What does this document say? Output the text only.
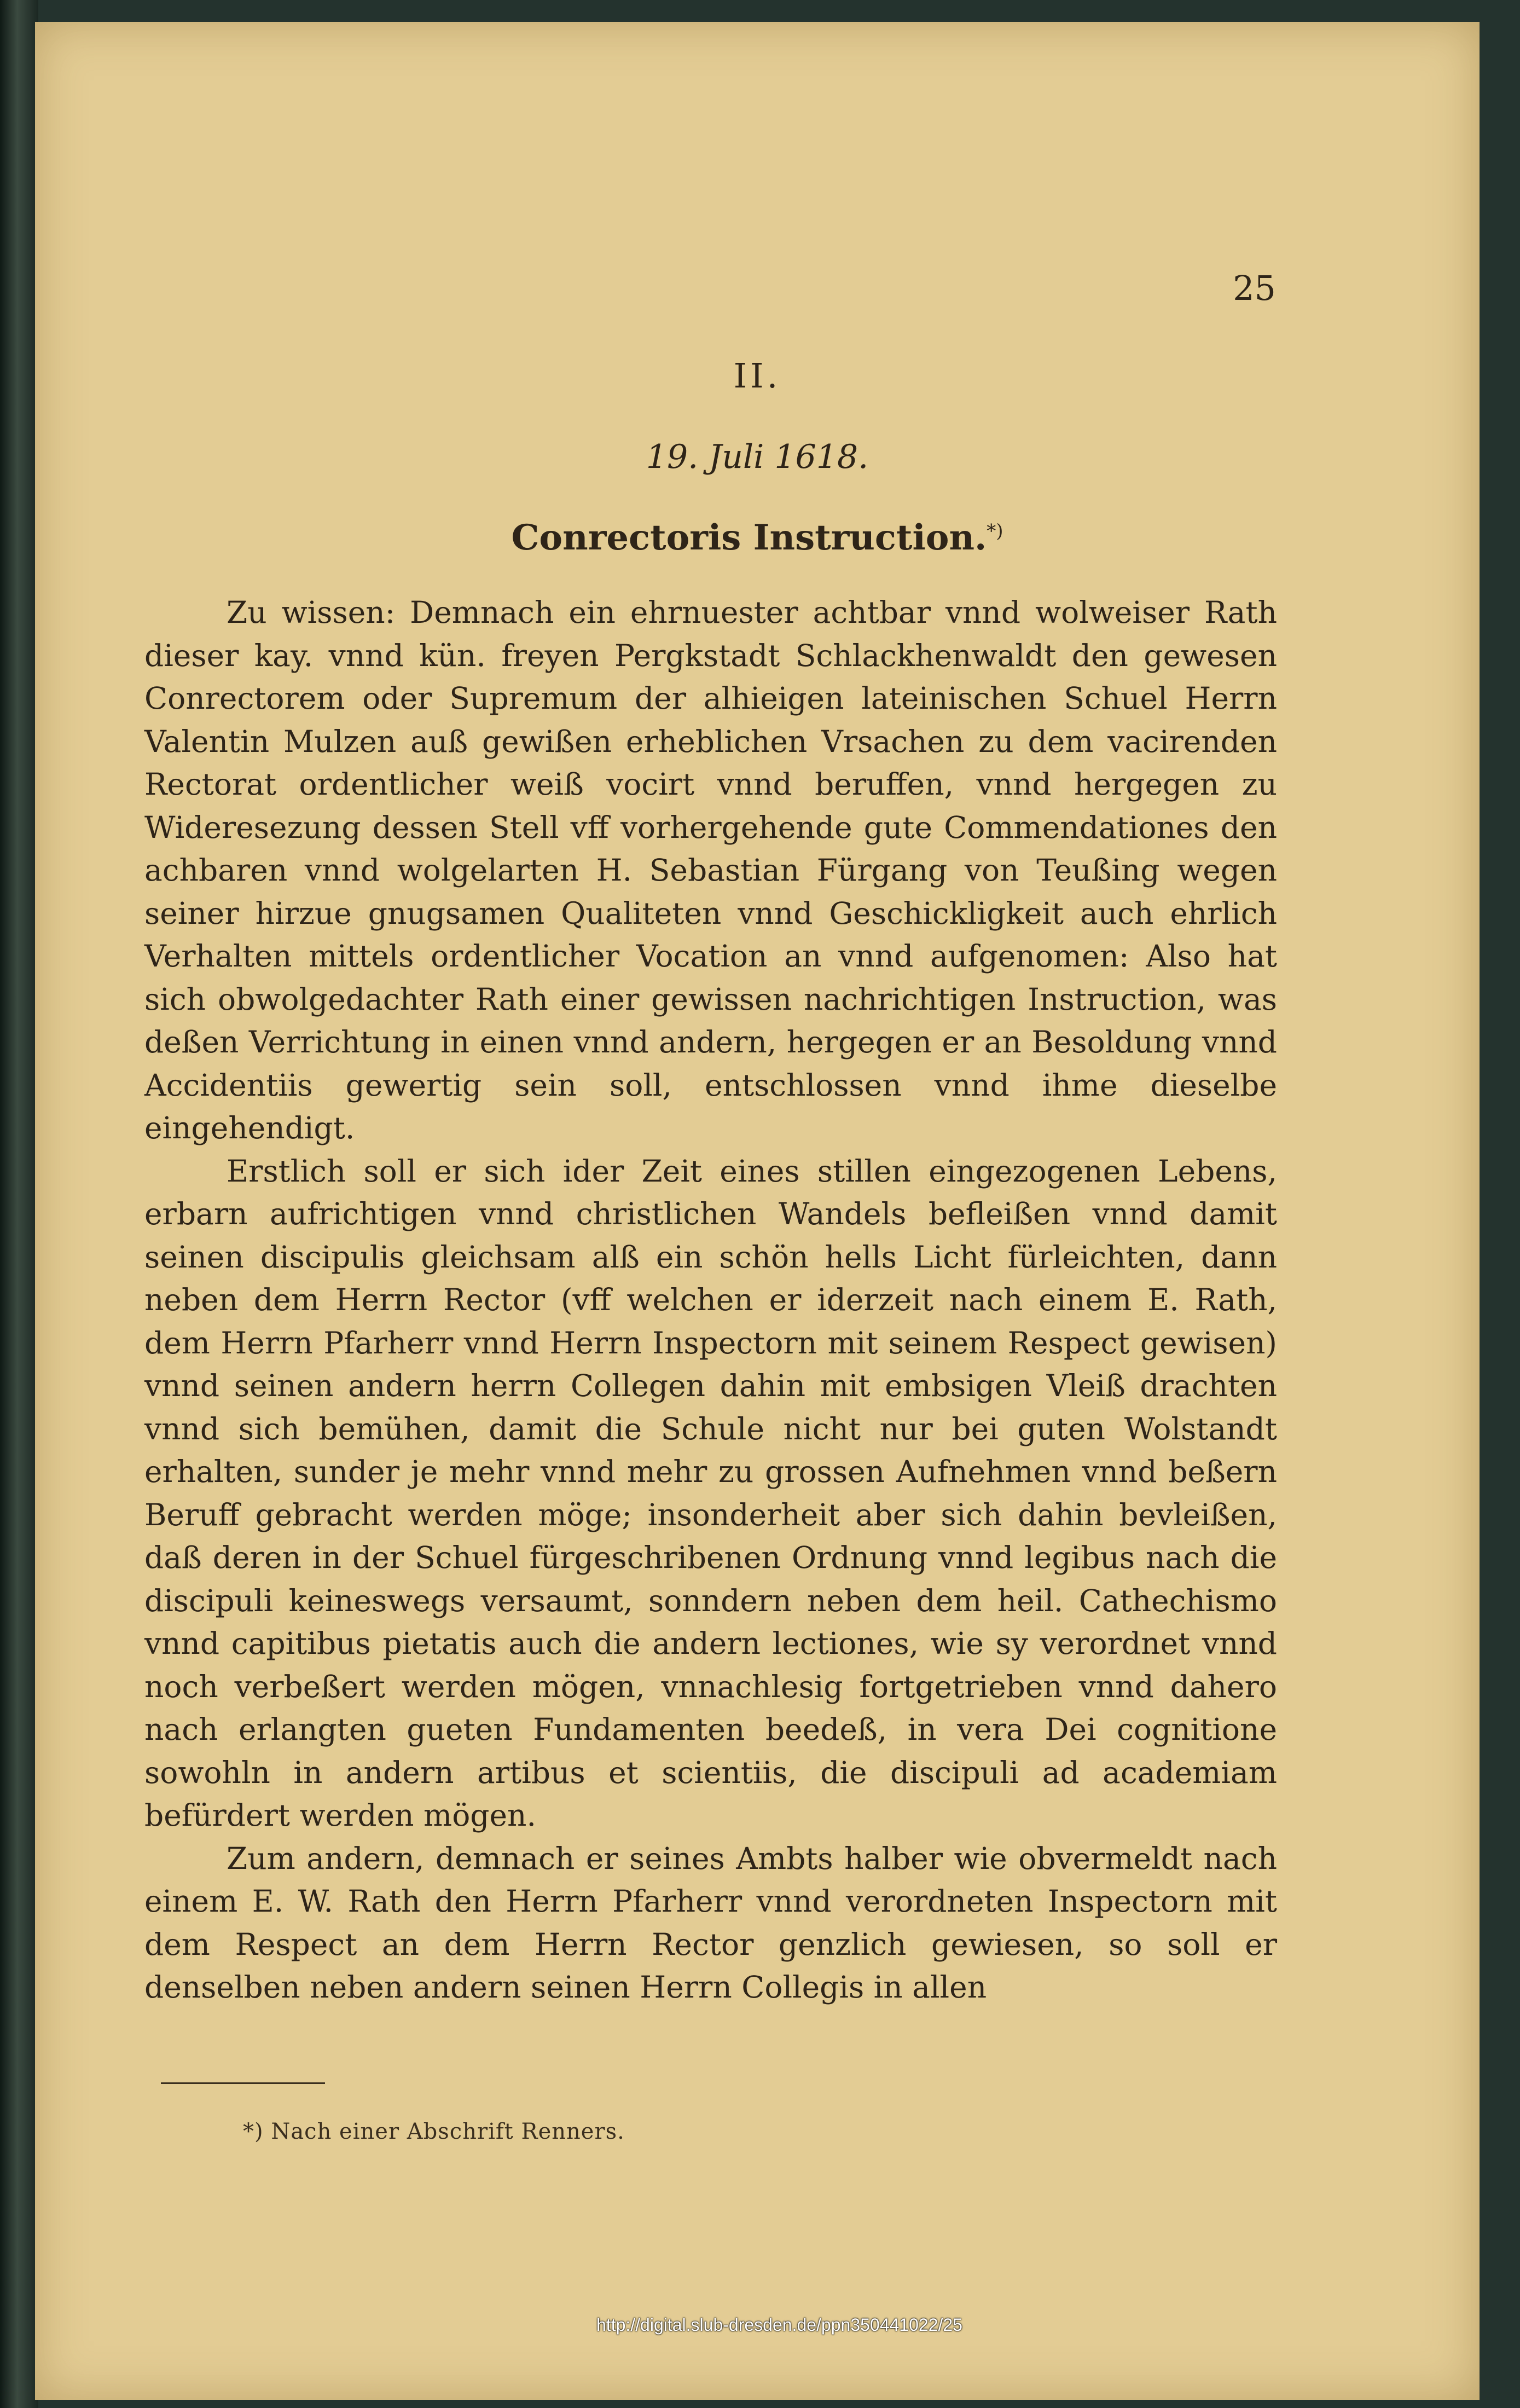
25
II.
19. Juli 1618.
Conrectoris Instruction.*)

Zu wissen: Demnach ein ehrnuester achtbar vnnd wolweiser Rath dieser kay. vnnd kün. freyen Pergkstadt Schlackhenwaldt den gewesen Conrectorem oder Supremum der alhieigen lateinischen Schuel Herrn Valentin Mulzen auß gewißen erheblichen Vrsachen zu dem vacirenden Rectorat ordentlicher weiß vocirt vnnd beruffen, vnnd hergegen zu Wideresezung dessen Stell vff vorhergehende gute Commendationes den achbaren vnnd wolgelarten H. Sebastian Fürgang von Teußing wegen seiner hirzue gnugsamen Qualiteten vnnd Geschickligkeit auch ehrlich Verhalten mittels ordentlicher Vocation an vnnd aufgenomen: Also hat sich obwolgedachter Rath einer gewissen nachrichtigen Instruction, was deßen Verrichtung in einen vnnd andern, hergegen er an Besoldung vnnd Accidentiis gewertig sein soll, entschlossen vnnd ihme dieselbe eingehendigt.

Erstlich soll er sich ider Zeit eines stillen eingezogenen Lebens, erbarn aufrichtigen vnnd christlichen Wandels befleißen vnnd damit seinen discipulis gleichsam alß ein schön hells Licht fürleichten, dann neben dem Herrn Rector (vff welchen er iderzeit nach einem E. Rath, dem Herrn Pfarherr vnnd Herrn Inspectorn mit seinem Respect gewisen) vnnd seinen andern herrn Collegen dahin mit embsigen Vleiß drachten vnnd sich bemühen, damit die Schule nicht nur bei guten Wolstandt erhalten, sunder je mehr vnnd mehr zu grossen Aufnehmen vnnd beßern Beruff gebracht werden möge; insonderheit aber sich dahin bevleißen, daß deren in der Schuel fürgeschribenen Ordnung vnnd legibus nach die discipuli keineswegs versaumt, sonndern neben dem heil. Cathechismo vnnd capitibus pietatis auch die andern lectiones, wie sy verordnet vnnd noch verbeßert werden mögen, vnnachlesig fortgetrieben vnnd dahero nach erlangten gueten Fundamenten beedeß, in vera Dei cognitione sowohln in andern artibus et scientiis, die discipuli ad academiam befürdert werden mögen.

Zum andern, demnach er seines Ambts halber wie obvermeldt nach einem E. W. Rath den Herrn Pfarherr vnnd verordneten Inspectorn mit dem Respect an dem Herrn Rector genzlich gewiesen, so soll er denselben neben andern seinen Herrn Collegis in allen

*) Nach einer Abschrift Renners.
http://digital.slub-dresden.de/ppn350441022/25
